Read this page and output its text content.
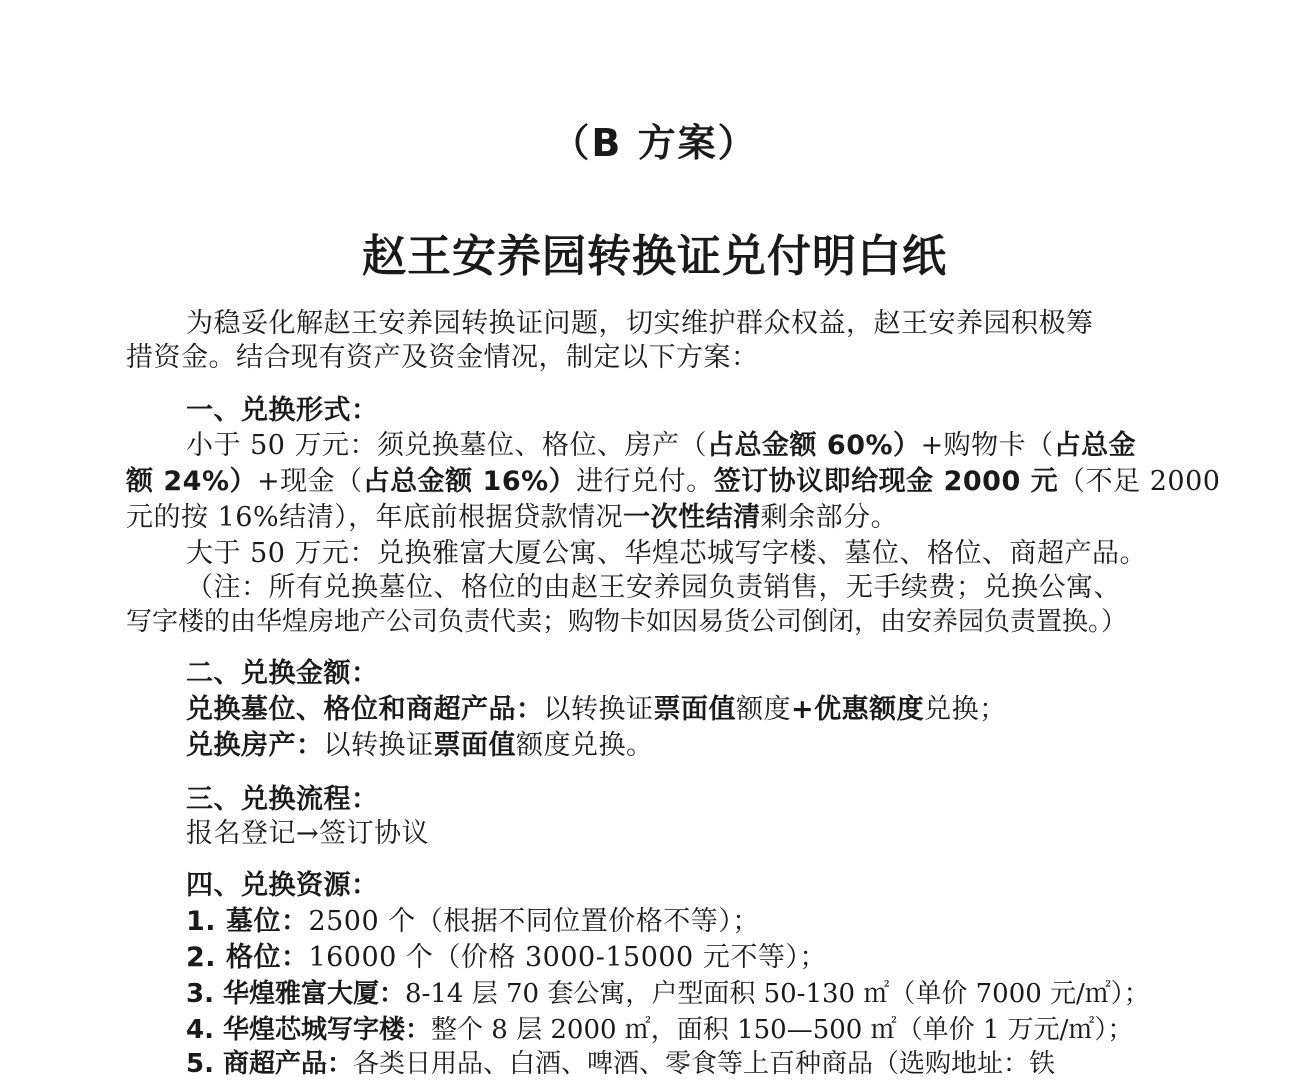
（B 方案）
赵王安养园转换证兑付明白纸
为稳妥化解赵王安养园转换证问题，切实维护群众权益，赵王安养园积极筹
措资金。结合现有资产及资金情况，制定以下方案：
一、兑换形式：
小于 50 万元：须兑换墓位、格位、房产（占总金额 60%）+购物卡（占总金
额 24%）+现金（占总金额 16%）进行兑付。签订协议即给现金 2000 元（不足 2000
元的按 16%结清），年底前根据贷款情况一次性结清剩余部分。
大于 50 万元：兑换雅富大厦公寓、华煌芯城写字楼、墓位、格位、商超产品。
（注：所有兑换墓位、格位的由赵王安养园负责销售，无手续费；兑换公寓、
写字楼的由华煌房地产公司负责代卖；购物卡如因易货公司倒闭，由安养园负责置换。）
二、兑换金额：
兑换墓位、格位和商超产品：以转换证票面值额度+优惠额度兑换；
兑换房产：以转换证票面值额度兑换。
三、兑换流程：
报名登记→签订协议
四、兑换资源：
1. 墓位：2500 个（根据不同位置价格不等）；
2. 格位：16000 个（价格 3000-15000 元不等）；
3. 华煌雅富大厦：8-14 层 70 套公寓，户型面积 50-130 ㎡（单价 7000 元/㎡）；
4. 华煌芯城写字楼：整个 8 层 2000 ㎡，面积 150—500 ㎡（单价 1 万元/㎡）；
5. 商超产品：各类日用品、白酒、啤酒、零食等上百种商品（选购地址：铁
